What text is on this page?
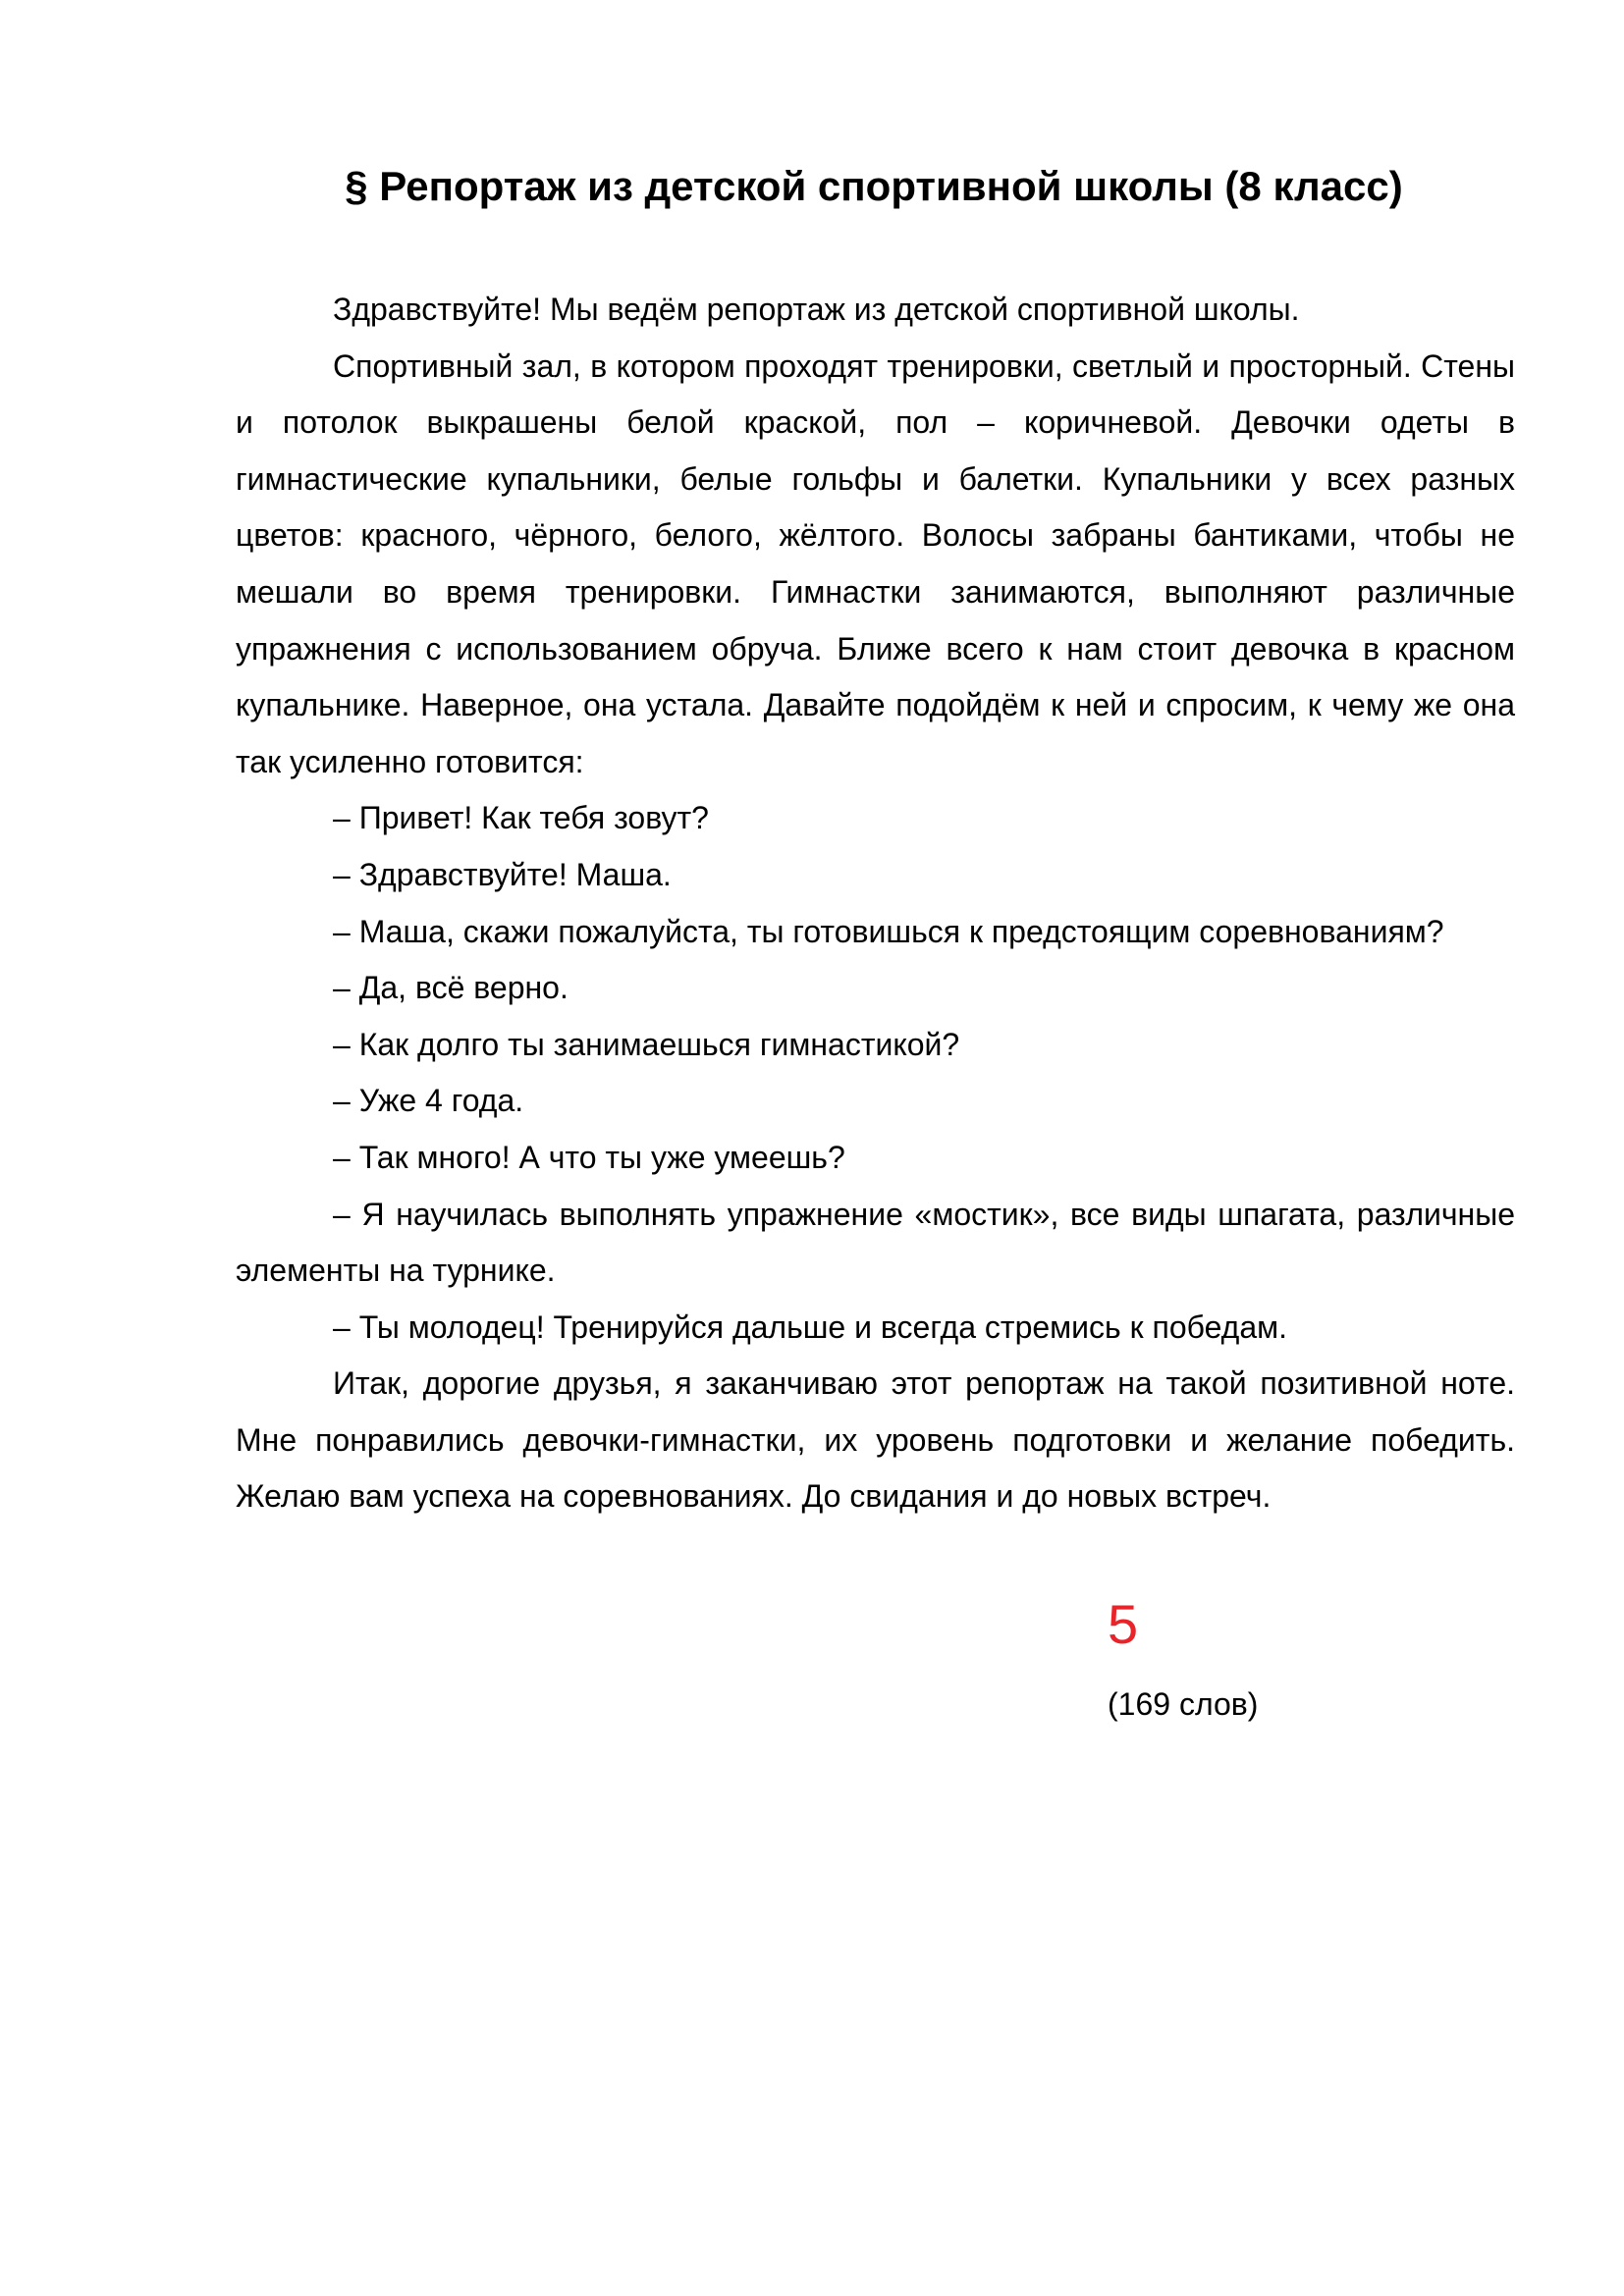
§ Репортаж из детской спортивной школы (8 класс)

Здравствуйте! Мы ведём репортаж из детской спортивной школы.

Спортивный зал, в котором проходят тренировки, светлый и просторный. Стены и потолок выкрашены белой краской, пол – коричневой. Девочки одеты в гимнастические купальники, белые гольфы и балетки. Купальники у всех разных цветов: красного, чёрного, белого, жёлтого. Волосы забраны бантиками, чтобы не мешали во время тренировки. Гимнастки занимаются, выполняют различные упражнения с использованием обруча. Ближе всего к нам стоит девочка в красном купальнике. Наверное, она устала. Давайте подойдём к ней и спросим, к чему же она так усиленно готовится:

– Привет! Как тебя зовут?

– Здравствуйте! Маша.

– Маша, скажи пожалуйста, ты готовишься к предстоящим соревнованиям?

– Да, всё верно.

– Как долго ты занимаешься гимнастикой?

– Уже 4 года.

– Так много! А что ты уже умеешь?

– Я научилась выполнять упражнение «мостик», все виды шпагата, различные элементы на турнике.

– Ты молодец! Тренируйся дальше и всегда стремись к победам.

Итак, дорогие друзья, я заканчиваю этот репортаж на такой позитивной ноте. Мне понравились девочки-гимнастки, их уровень подготовки и желание победить. Желаю вам успеха на соревнованиях. До свидания и до новых встреч.

5
(169 слов)
